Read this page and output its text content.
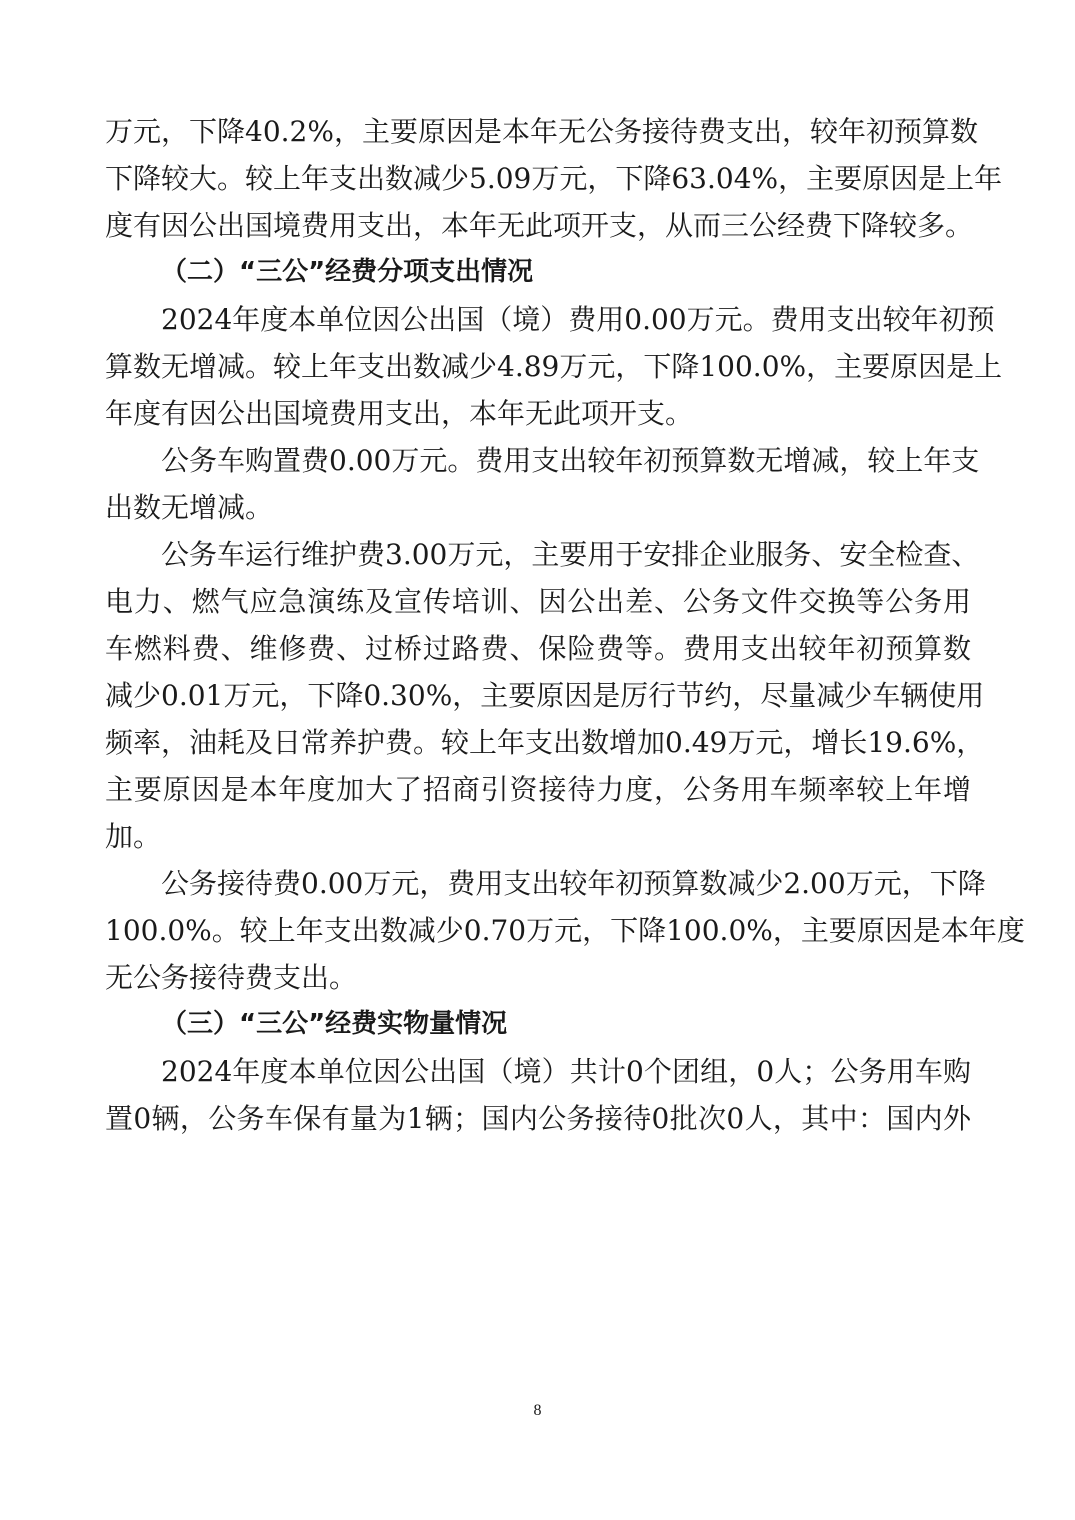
万元，下降40.2%，主要原因是本年无公务接待费支出，较年初预算数
下降较大。较上年支出数减少5.09万元，下降63.04%，主要原因是上年
度有因公出国境费用支出，本年无此项开支，从而三公经费下降较多。
（二）“三公”经费分项支出情况
2024年度本单位因公出国（境）费用0.00万元。费用支出较年初预
算数无增减。较上年支出数减少4.89万元，下降100.0%，主要原因是上
年度有因公出国境费用支出，本年无此项开支。
公务车购置费0.00万元。费用支出较年初预算数无增减，较上年支
出数无增减。
公务车运行维护费3.00万元，主要用于安排企业服务、安全检查、
电力、燃气应急演练及宣传培训、因公出差、公务文件交换等公务用
车燃料费、维修费、过桥过路费、保险费等。费用支出较年初预算数
减少0.01万元，下降0.30%，主要原因是厉行节约，尽量减少车辆使用
频率，油耗及日常养护费。较上年支出数增加0.49万元，增长19.6%，
主要原因是本年度加大了招商引资接待力度，公务用车频率较上年增
加。
公务接待费0.00万元，费用支出较年初预算数减少2.00万元，下降
100.0%。较上年支出数减少0.70万元，下降100.0%，主要原因是本年度
无公务接待费支出。
（三）“三公”经费实物量情况
2024年度本单位因公出国（境）共计0个团组，0人；公务用车购
置0辆，公务车保有量为1辆；国内公务接待0批次0人，其中：国内外
8
